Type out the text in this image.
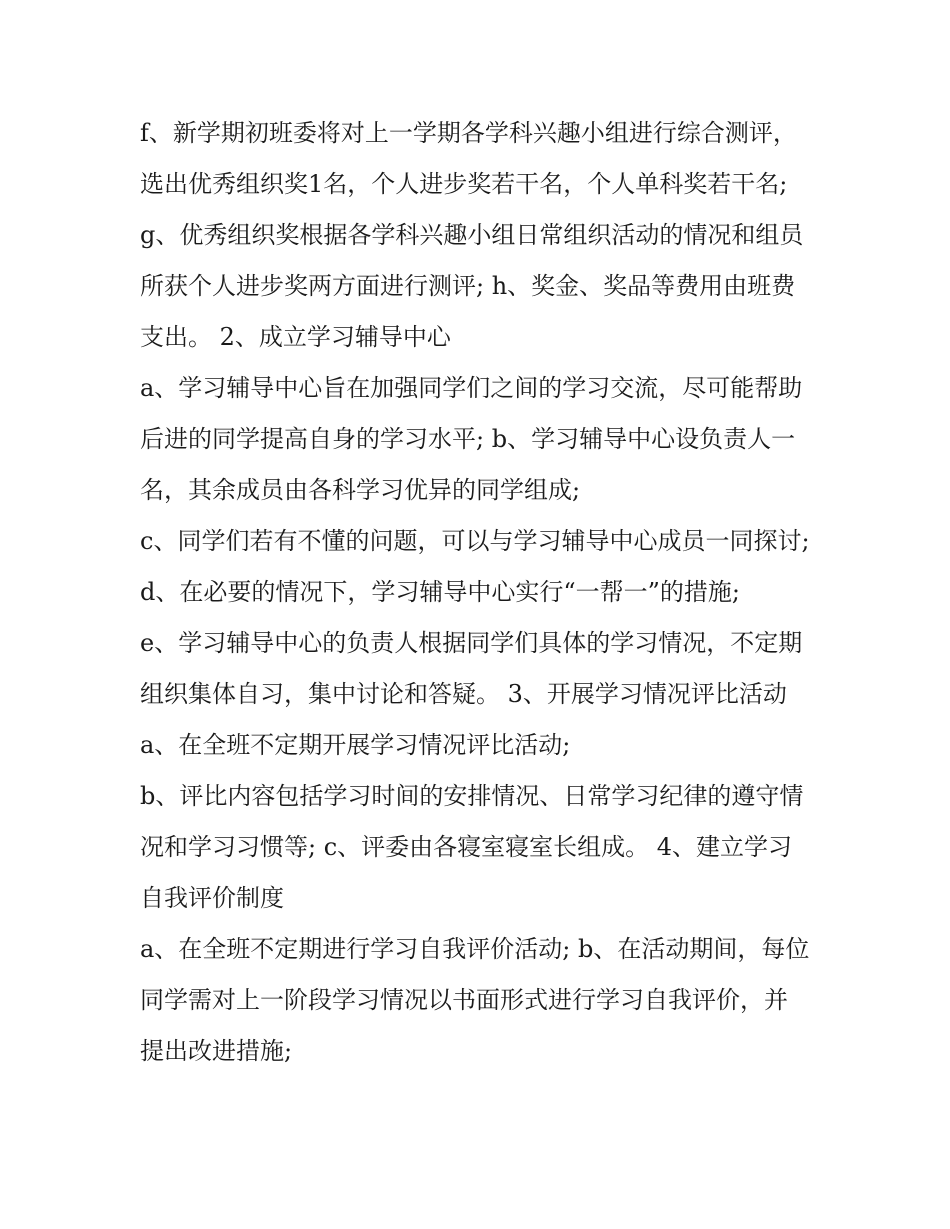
f、新学期初班委将对上一学期各学科兴趣小组进行综合测评，选出优秀组织奖1名，个人进步奖若干名，个人单科奖若干名;

g、优秀组织奖根据各学科兴趣小组日常组织活动的情况和组员所获个人进步奖两方面进行测评; h、奖金、奖品等费用由班费支出。 2、成立学习辅导中心

a、学习辅导中心旨在加强同学们之间的学习交流，尽可能帮助后进的同学提高自身的学习水平; b、学习辅导中心设负责人一名，其余成员由各科学习优异的同学组成;

c、同学们若有不懂的问题，可以与学习辅导中心成员一同探讨; d、在必要的情况下，学习辅导中心实行“一帮一”的措施;

e、学习辅导中心的负责人根据同学们具体的学习情况，不定期组织集体自习，集中讨论和答疑。 3、开展学习情况评比活动 a、在全班不定期开展学习情况评比活动;

b、评比内容包括学习时间的安排情况、日常学习纪律的遵守情况和学习习惯等; c、评委由各寝室寝室长组成。 4、建立学习自我评价制度

a、在全班不定期进行学习自我评价活动; b、在活动期间，每位同学需对上一阶段学习情况以书面形式进行学习自我评价，并提出改进措施;
